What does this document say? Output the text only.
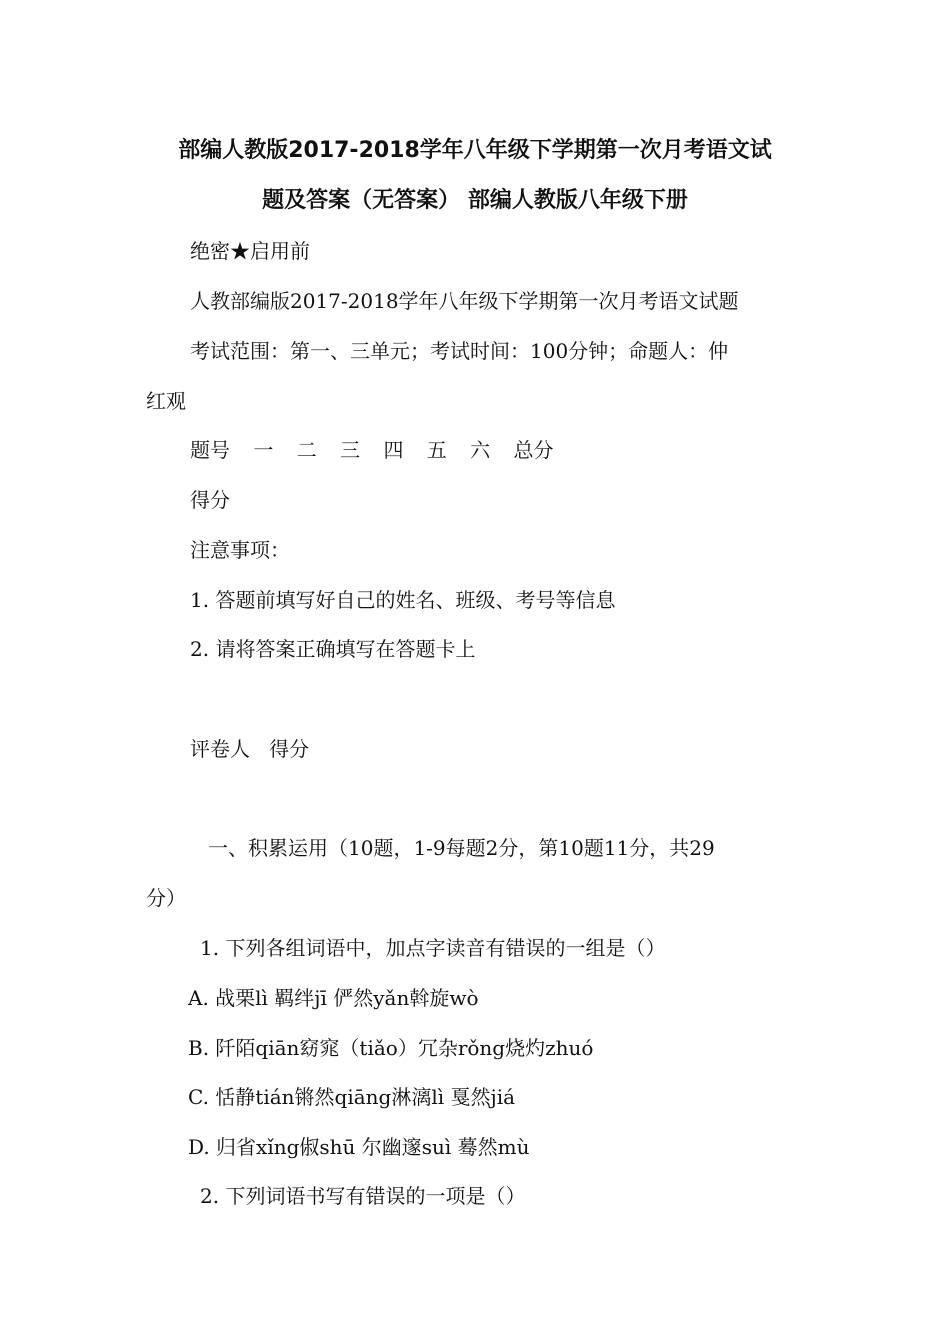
部编人教版2017-2018学年八年级下学期第一次月考语文试
题及答案（无答案） 部编人教版八年级下册
绝密★启用前
人教部编版2017-2018学年八年级下学期第一次月考语文试题
考试范围：第一、三单元；考试时间：100分钟；命题人：仲
红观
题号 一 二 三 四 五 六 总分
得分
注意事项：
1. 答题前填写好自己的姓名、班级、考号等信息
2. 请将答案正确填写在答题卡上
评卷人   得分
一、积累运用（10题，1-9每题2分，第10题11分，共29
分）
1. 下列各组词语中，加点字读音有错误的一组是（）
A. 战栗lì 羁绊jī 俨然yǎn斡旋wò
B. 阡陌qiān窈窕（tiǎo）冗杂rǒng烧灼zhuó
C. 恬静tián锵然qiāng淋漓lì 戛然jiá
D. 归省xǐng俶shū 尔幽邃suì 蓦然mù
2. 下列词语书写有错误的一项是（）
